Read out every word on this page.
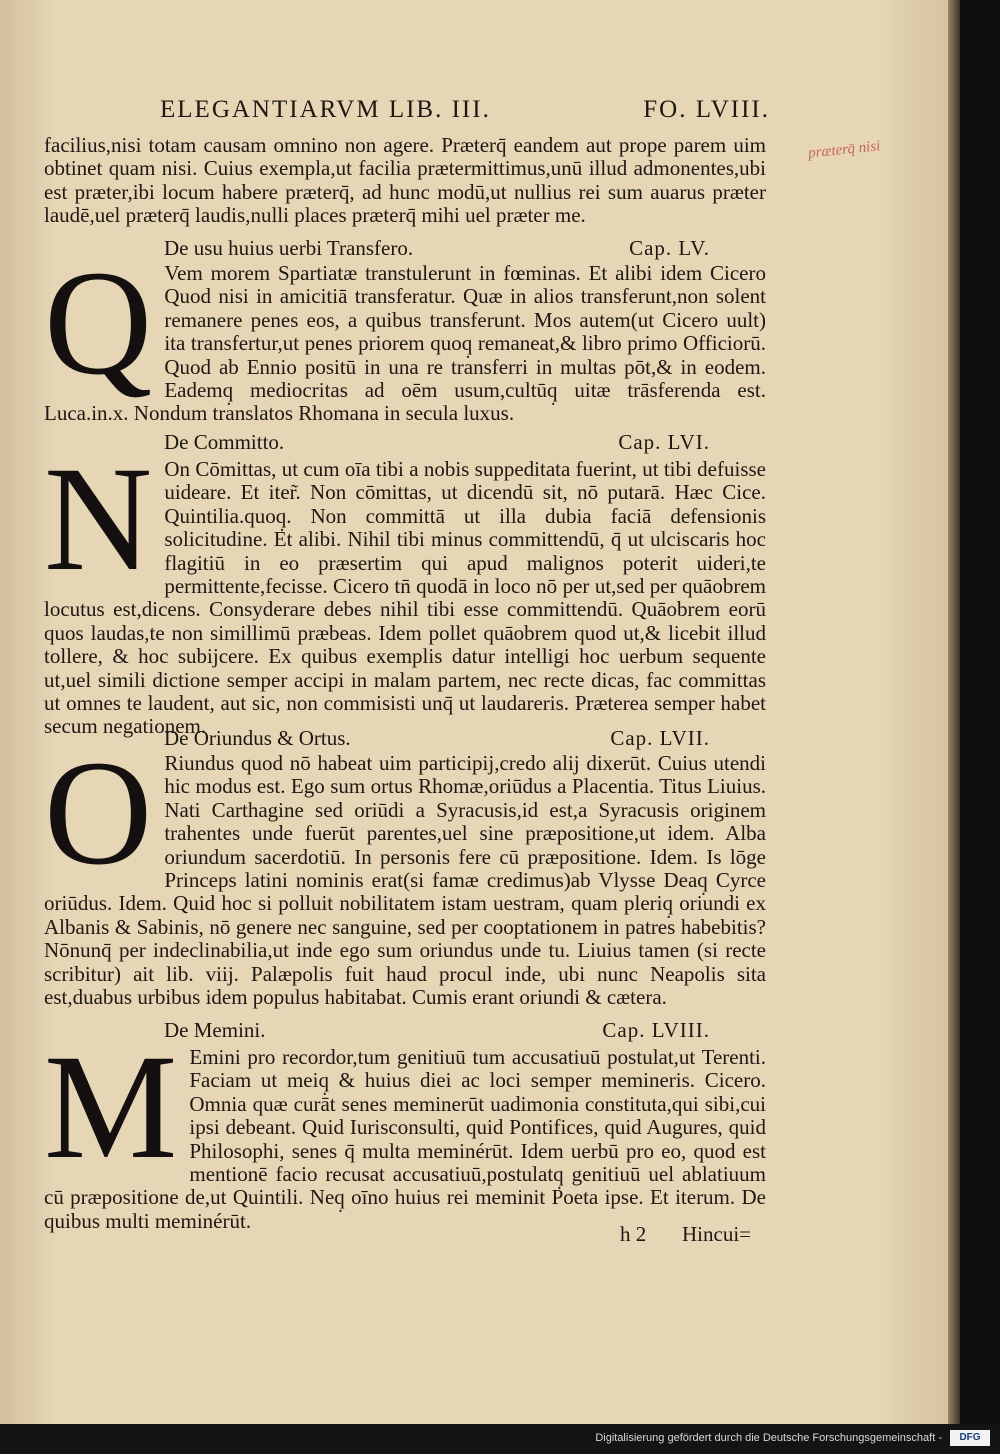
ELEGANTIARVM LIB. III.	FO. LVIII.
præterq̄ nisi

facilius,nisi totam causam omnino non agere. Præterq̄ eandem aut prope parem uim obtinet quam nisi. Cuius exempla,ut facilia prætermittimus,unū illud admonentes,ubi est præter,ibi locum habere præterq̄, ad hunc modū,ut nullius rei sum auarus præter laudē,uel præterq̄ laudis,nulli places præterq̄ mihi uel præter me.

De usu huius uerbi Transfero.	Cap. LV.
Q Vem morem Spartiatæ transtulerunt in fœminas. Et alibi idem Cicero Quod nisi in amicitiā transferatur. Quæ in alios transferunt,non solent remanere penes eos, a quibus transferunt. Mos autem(ut Cicero uult) ita transfertur,ut penes priorem quoq̣ remaneat,& libro primo Officiorū. Quod ab Ennio positū in una re transferri in multas pōt,& in eodem. Eademq̣ mediocritas ad oēm usum,cultūq̣ uitæ trāsferenda est. Luca.in.x. Nondum translatos Rhomana in secula luxus.

De Committo.	Cap. LVI.
N On Cōmittas, ut cum oīa tibi a nobis suppeditata fuerint, ut tibi defuisse uideare. Et iter̃. Non cōmittas, ut dicendū sit, nō putarā. Hæc Cice. Quintilia.quoq̣. Non committā ut illa dubia faciā defensionis solicitudine. Et alibi. Nihil tibi minus committendū, q̄ ut ulciscaris hoc flagitiū in eo præsertim qui apud malignos poterit uideri,te permittente,fecisse. Cicero tn̄ quodā in loco nō per ut,sed per quāobrem locutus est,dicens. Consyderare debes nihil tibi esse committendū. Quāobrem eorū quos laudas,te non simillimū præbeas. Idem pollet quāobrem quod ut,& licebit illud tollere, & hoc subijcere. Ex quibus exemplis datur intelligi hoc uerbum sequente ut,uel simili dictione semper accipi in malam partem, nec recte dicas, fac committas ut omnes te laudent, aut sic, non commisisti unq̄ ut laudareris. Præterea semper habet secum negationem.

De Oriundus & Ortus.	Cap. LVII.
O Riundus quod nō habeat uim participij,credo alij dixerūt. Cuius utendi hic modus est. Ego sum ortus Rhomæ,oriūdus a Placentia. Titus Liuius. Nati Carthagine sed oriūdi a Syracusis,id est,a Syracusis originem trahentes unde fuerūt parentes,uel sine præpositione,ut idem. Alba oriundum sacerdotiū. In personis fere cū præpositione. Idem. Is lōge Princeps latini nominis erat(si famæ credimus)ab Vlysse Deaq̣ Cyrce oriūdus. Idem. Quid hoc si polluit nobilitatem istam uestram, quam pleriq̣ oriundi ex Albanis & Sabinis, nō genere nec sanguine, sed per cooptationem in patres habebitis? Nōnunq̄ per indeclinabilia,ut inde ego sum oriundus unde tu. Liuius tamen (si recte scribitur) ait lib. viij. Palæpolis fuit haud procul inde, ubi nunc Neapolis sita est,duabus urbibus idem populus habitabat. Cumis erant oriundi & cætera.

De Memini.	Cap. LVIII.
M Emini pro recordor,tum genitiuū tum accusatiuū postulat,ut Terenti. Faciam ut meiq̣ & huius diei ac loci semper memineris. Cicero. Omnia quæ curāt senes meminerūt uadimonia constituta,qui sibi,cui ipsi debeant. Quid Iurisconsulti, quid Pontifices, quid Augures, quid Philosophi, senes q̄ multa meminérūt. Idem uerbū pro eo, quod est mentionē facio recusat accusatiuū,postulatq̣ genitiuū uel ablatiuum cū præpositione de,ut Quintili. Neq̣ oīno huius rei meminit Poeta ipse. Et iterum. De quibus multi meminérūt.

h 2 Hincui=
Digitalisierung gefördert durch die Deutsche Forschungsgemeinschaft -	DFG
